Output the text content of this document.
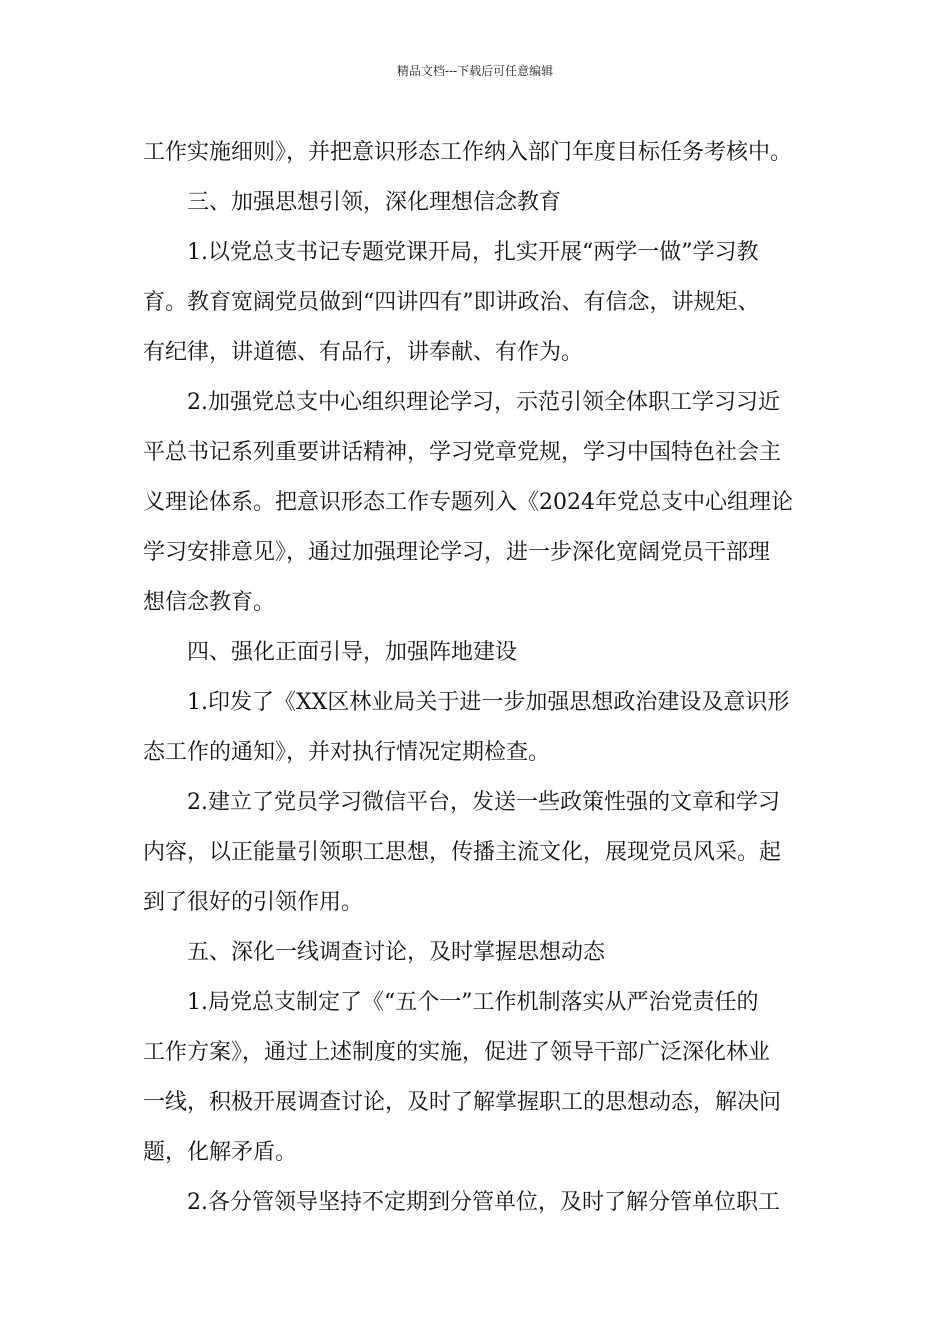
精品文档---下载后可任意编辑
工作实施细则》，并把意识形态工作纳入部门年度目标任务考核中。
三、加强思想引领，深化理想信念教育
1.以党总支书记专题党课开局，扎实开展“两学一做”学习教
育。教育宽阔党员做到“四讲四有”即讲政治、有信念，讲规矩、
有纪律，讲道德、有品行，讲奉献、有作为。
2.加强党总支中心组织理论学习，示范引领全体职工学习习近
平总书记系列重要讲话精神，学习党章党规，学习中国特色社会主
义理论体系。把意识形态工作专题列入《2024年党总支中心组理论
学习安排意见》，通过加强理论学习，进一步深化宽阔党员干部理
想信念教育。
四、强化正面引导，加强阵地建设
1.印发了《XX区林业局关于进一步加强思想政治建设及意识形
态工作的通知》，并对执行情况定期检查。
2.建立了党员学习微信平台，发送一些政策性强的文章和学习
内容，以正能量引领职工思想，传播主流文化，展现党员风采。起
到了很好的引领作用。
五、深化一线调查讨论，及时掌握思想动态
1.局党总支制定了《“五个一”工作机制落实从严治党责任的
工作方案》，通过上述制度的实施，促进了领导干部广泛深化林业
一线，积极开展调查讨论，及时了解掌握职工的思想动态，解决问
题，化解矛盾。
2.各分管领导坚持不定期到分管单位，及时了解分管单位职工
